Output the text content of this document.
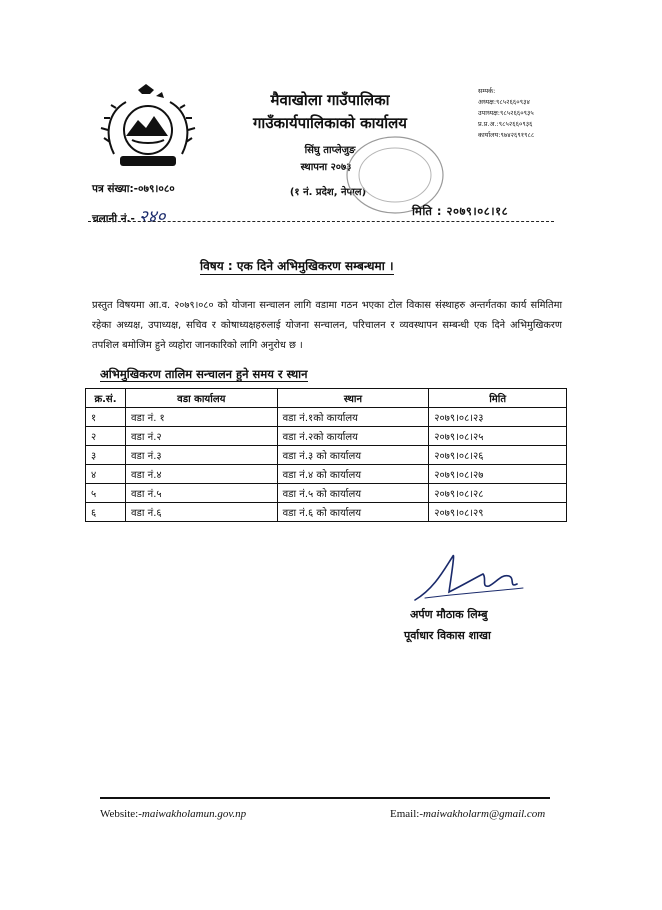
मैवाखोला गाउँपालिका
गाउँकार्यपालिकाको कार्यालय
सिंघु ताप्लेजुङ
स्थापना २०७३
(१ नं. प्रदेश, नेपाल)
सम्पर्क:
अध्यक्ष:९८५२६६०९३४
उपाध्यक्ष:९८५२६६०९३५
प्र.प्र.अ.:९८५२६६०९३६
कार्यालय:९७४२६९१९८८
पत्र संख्या:-०७९।०८०
चलानी नं.- २४०	मिति : २०७९।०८।१८
विषय : एक दिने अभिमुखिकरण सम्बन्धमा ।
प्रस्तुत विषयमा आ.व. २०७९।०८० को योजना सन्चालन लागि वडामा गठन भएका टोल विकास संस्थाहरु अन्तर्गतका कार्य समितिमा रहेका अध्यक्ष, उपाध्यक्ष, सचिव र कोषाध्यक्षहरुलाई योजना सन्चालन, परिचालन र व्यवस्थापन सम्बन्धी एक दिने अभिमुखिकरण तपशिल बमोजिम हुने व्यहोरा जानकारिको लागि अनुरोध छ ।
अभिमुखिकरण तालिम सन्चालन हुने समय र स्थान
क्र.सं.	वडा कार्यालय	स्थान	मिति
१	वडा नं. १	वडा नं.१को कार्यालय	२०७९।०८।२३
२	वडा नं.२	वडा नं.२को कार्यालय	२०७९।०८।२५
३	वडा नं.३	वडा नं.३ को कार्यालय	२०७९।०८।२६
४	वडा नं.४	वडा नं.४ को कार्यालय	२०७९।०८।२७
५	वडा नं.५	वडा नं.५ को कार्यालय	२०७९।०८।२८
६	वडा नं.६	वडा नं.६ को कार्यालय	२०७९।०८।२९
अर्पण मौठाक लिम्बु
पूर्वाधार विकास शाखा
Website:-maiwakholamun.gov.np	Email:-maiwakholarm@gmail.com
